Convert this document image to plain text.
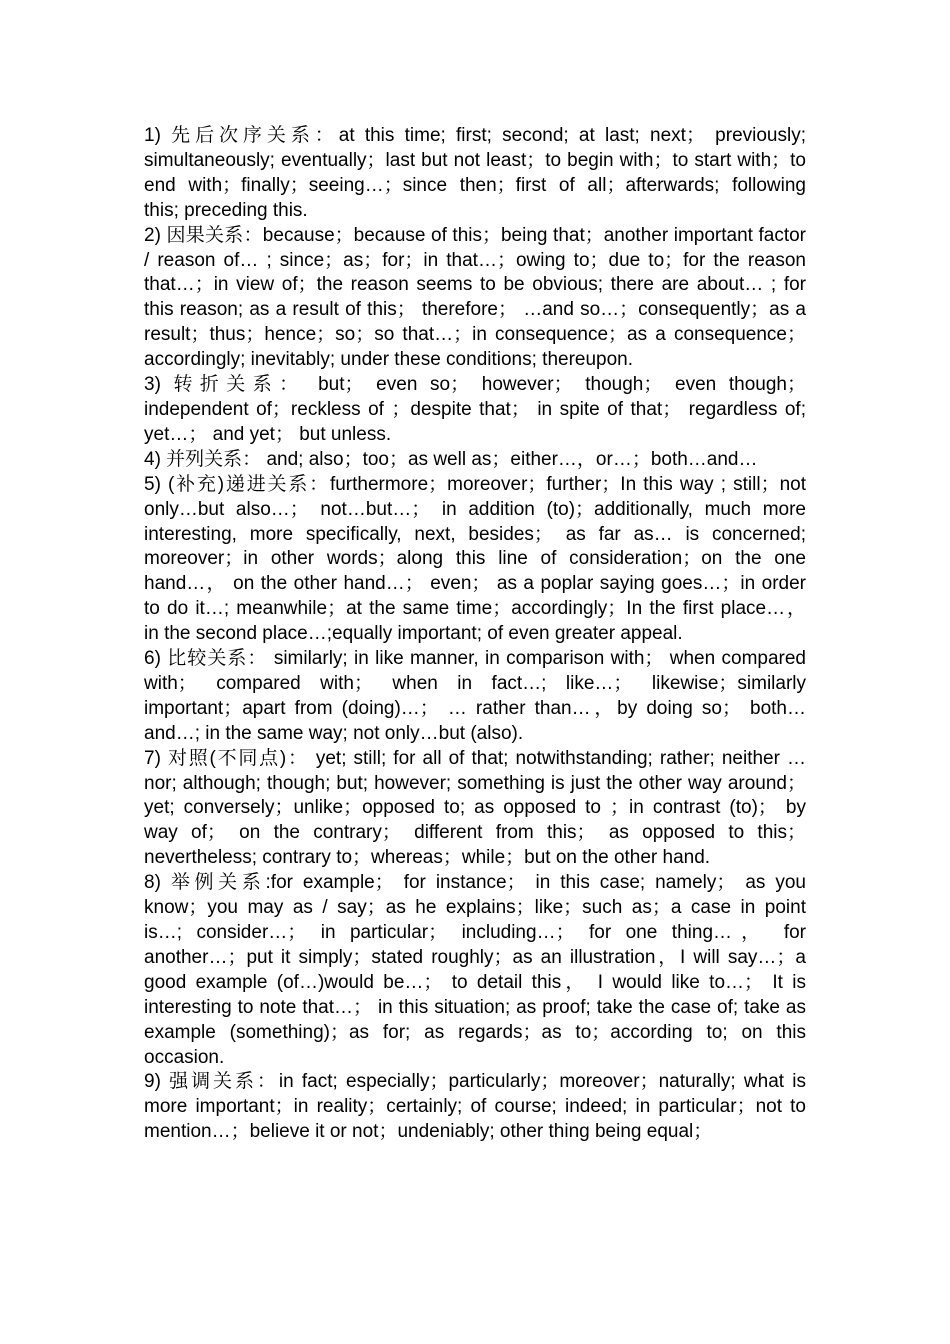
1) 先后次序关系：at this time; first; second; at last; next； previously; simultaneously; eventually；last but not least；to begin with；to start with；to end with；finally；seeing…；since then；first of all；afterwards; following this; preceding this.

2) 因果关系：because；because of this；being that；another important factor / reason of… ; since；as；for；in that…；owing to；due to；for the reason that…；in view of；the reason seems to be obvious; there are about… ; for this reason; as a result of this； therefore； …and so…；consequently；as a result；thus；hence；so；so that…；in consequence；as a consequence； accordingly; inevitably; under these conditions; thereupon.

3) 转折关系： but； even so； however； though； even though；independent of；reckless of ；despite that； in spite of that； regardless of; yet…； and yet； but unless.

4) 并列关系： and; also；too；as well as；either…，or…；both…and…

5) (补充)递进关系：furthermore；moreover；further；In this way ; still；not only…but also…； not…but…； in addition (to)；additionally, much more interesting, more specifically, next, besides； as far as… is concerned; moreover；in other words；along this line of consideration；on the one hand…， on the other hand…； even； as a poplar saying goes…；in order to do it…; meanwhile；at the same time；accordingly；In the first place…， in the second place…;equally important; of even greater appeal.

6) 比较关系： similarly; in like manner, in comparison with； when compared with； compared with； when in fact…; like…； likewise；similarly important；apart from (doing)…； … rather than…，by doing so； both…and…; in the same way; not only…but (also).

7) 对照(不同点)： yet; still; for all of that; notwithstanding; rather; neither … nor; although; though; but; however; something is just the other way around；yet; conversely；unlike；opposed to; as opposed to ；in contrast (to)； by way of； on the contrary； different from this； as opposed to this；nevertheless; contrary to；whereas；while；but on the other hand.

8) 举例关系:for example； for instance； in this case; namely； as you know；you may as / say；as he explains；like；such as；a case in point is…; consider…； in particular； including…； for one thing…， for another…；put it simply；stated roughly；as an illustration，I will say…；a good example (of…)would be…； to detail this， I would like to…； It is interesting to note that…； in this situation; as proof; take the case of; take as example (something)；as for; as regards；as to；according to; on this occasion.

9) 强调关系：in fact; especially；particularly；moreover；naturally; what is more important；in reality；certainly; of course; indeed; in particular；not to mention…；believe it or not；undeniably; other thing being equal；
